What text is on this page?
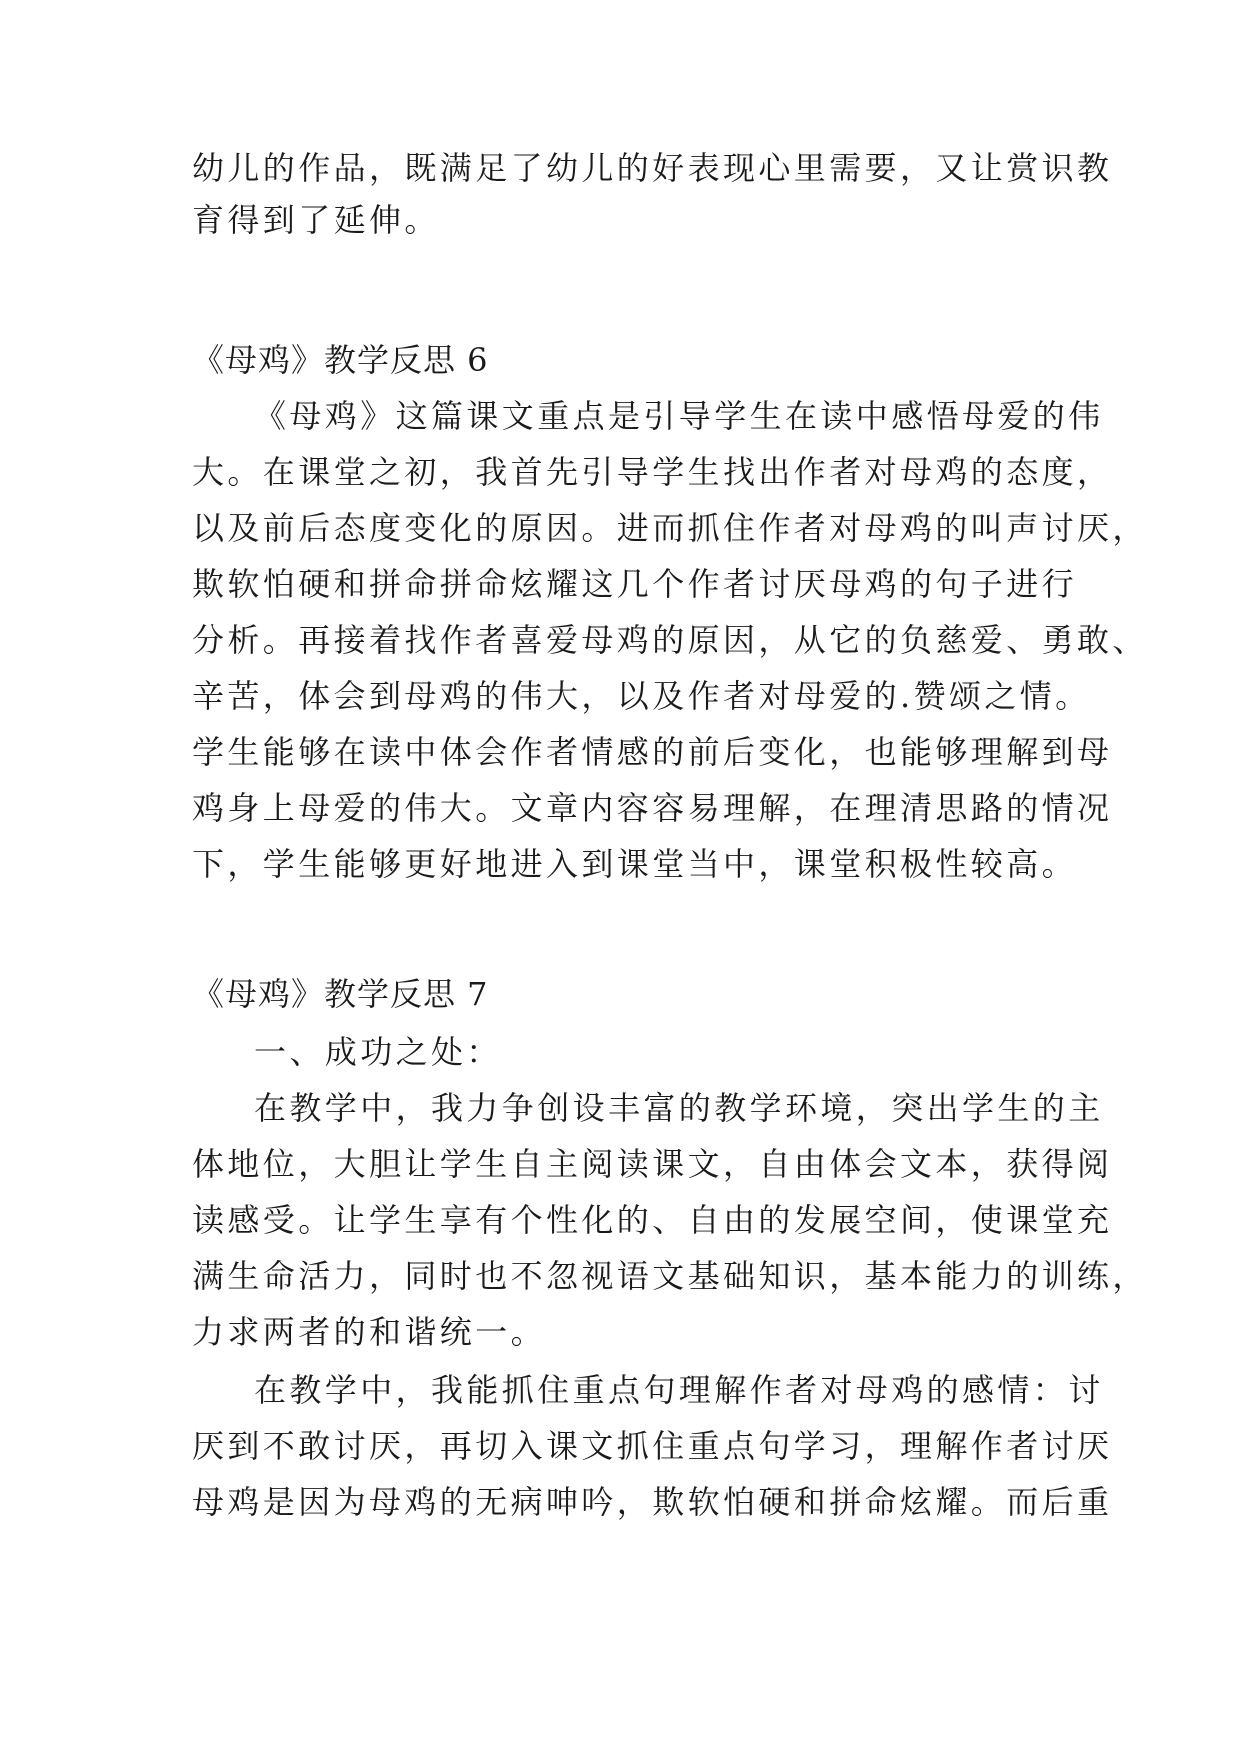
幼儿的作品，既满足了幼儿的好表现心里需要，又让赏识教

育得到了延伸。

《母鸡》教学反思 6

《母鸡》这篇课文重点是引导学生在读中感悟母爱的伟

大。在课堂之初，我首先引导学生找出作者对母鸡的态度，

以及前后态度变化的原因。进而抓住作者对母鸡的叫声讨厌，

欺软怕硬和拼命拼命炫耀这几个作者讨厌母鸡的句子进行

分析。再接着找作者喜爱母鸡的原因，从它的负慈爱、勇敢、

辛苦，体会到母鸡的伟大，以及作者对母爱的.赞颂之情。

学生能够在读中体会作者情感的前后变化，也能够理解到母

鸡身上母爱的伟大。文章内容容易理解，在理清思路的情况

下，学生能够更好地进入到课堂当中，课堂积极性较高。

《母鸡》教学反思 7

一、成功之处：

在教学中，我力争创设丰富的教学环境，突出学生的主

体地位，大胆让学生自主阅读课文，自由体会文本，获得阅

读感受。让学生享有个性化的、自由的发展空间，使课堂充

满生命活力，同时也不忽视语文基础知识，基本能力的训练，

力求两者的和谐统一。

在教学中，我能抓住重点句理解作者对母鸡的感情：讨

厌到不敢讨厌，再切入课文抓住重点句学习，理解作者讨厌

母鸡是因为母鸡的无病呻吟，欺软怕硬和拼命炫耀。而后重
